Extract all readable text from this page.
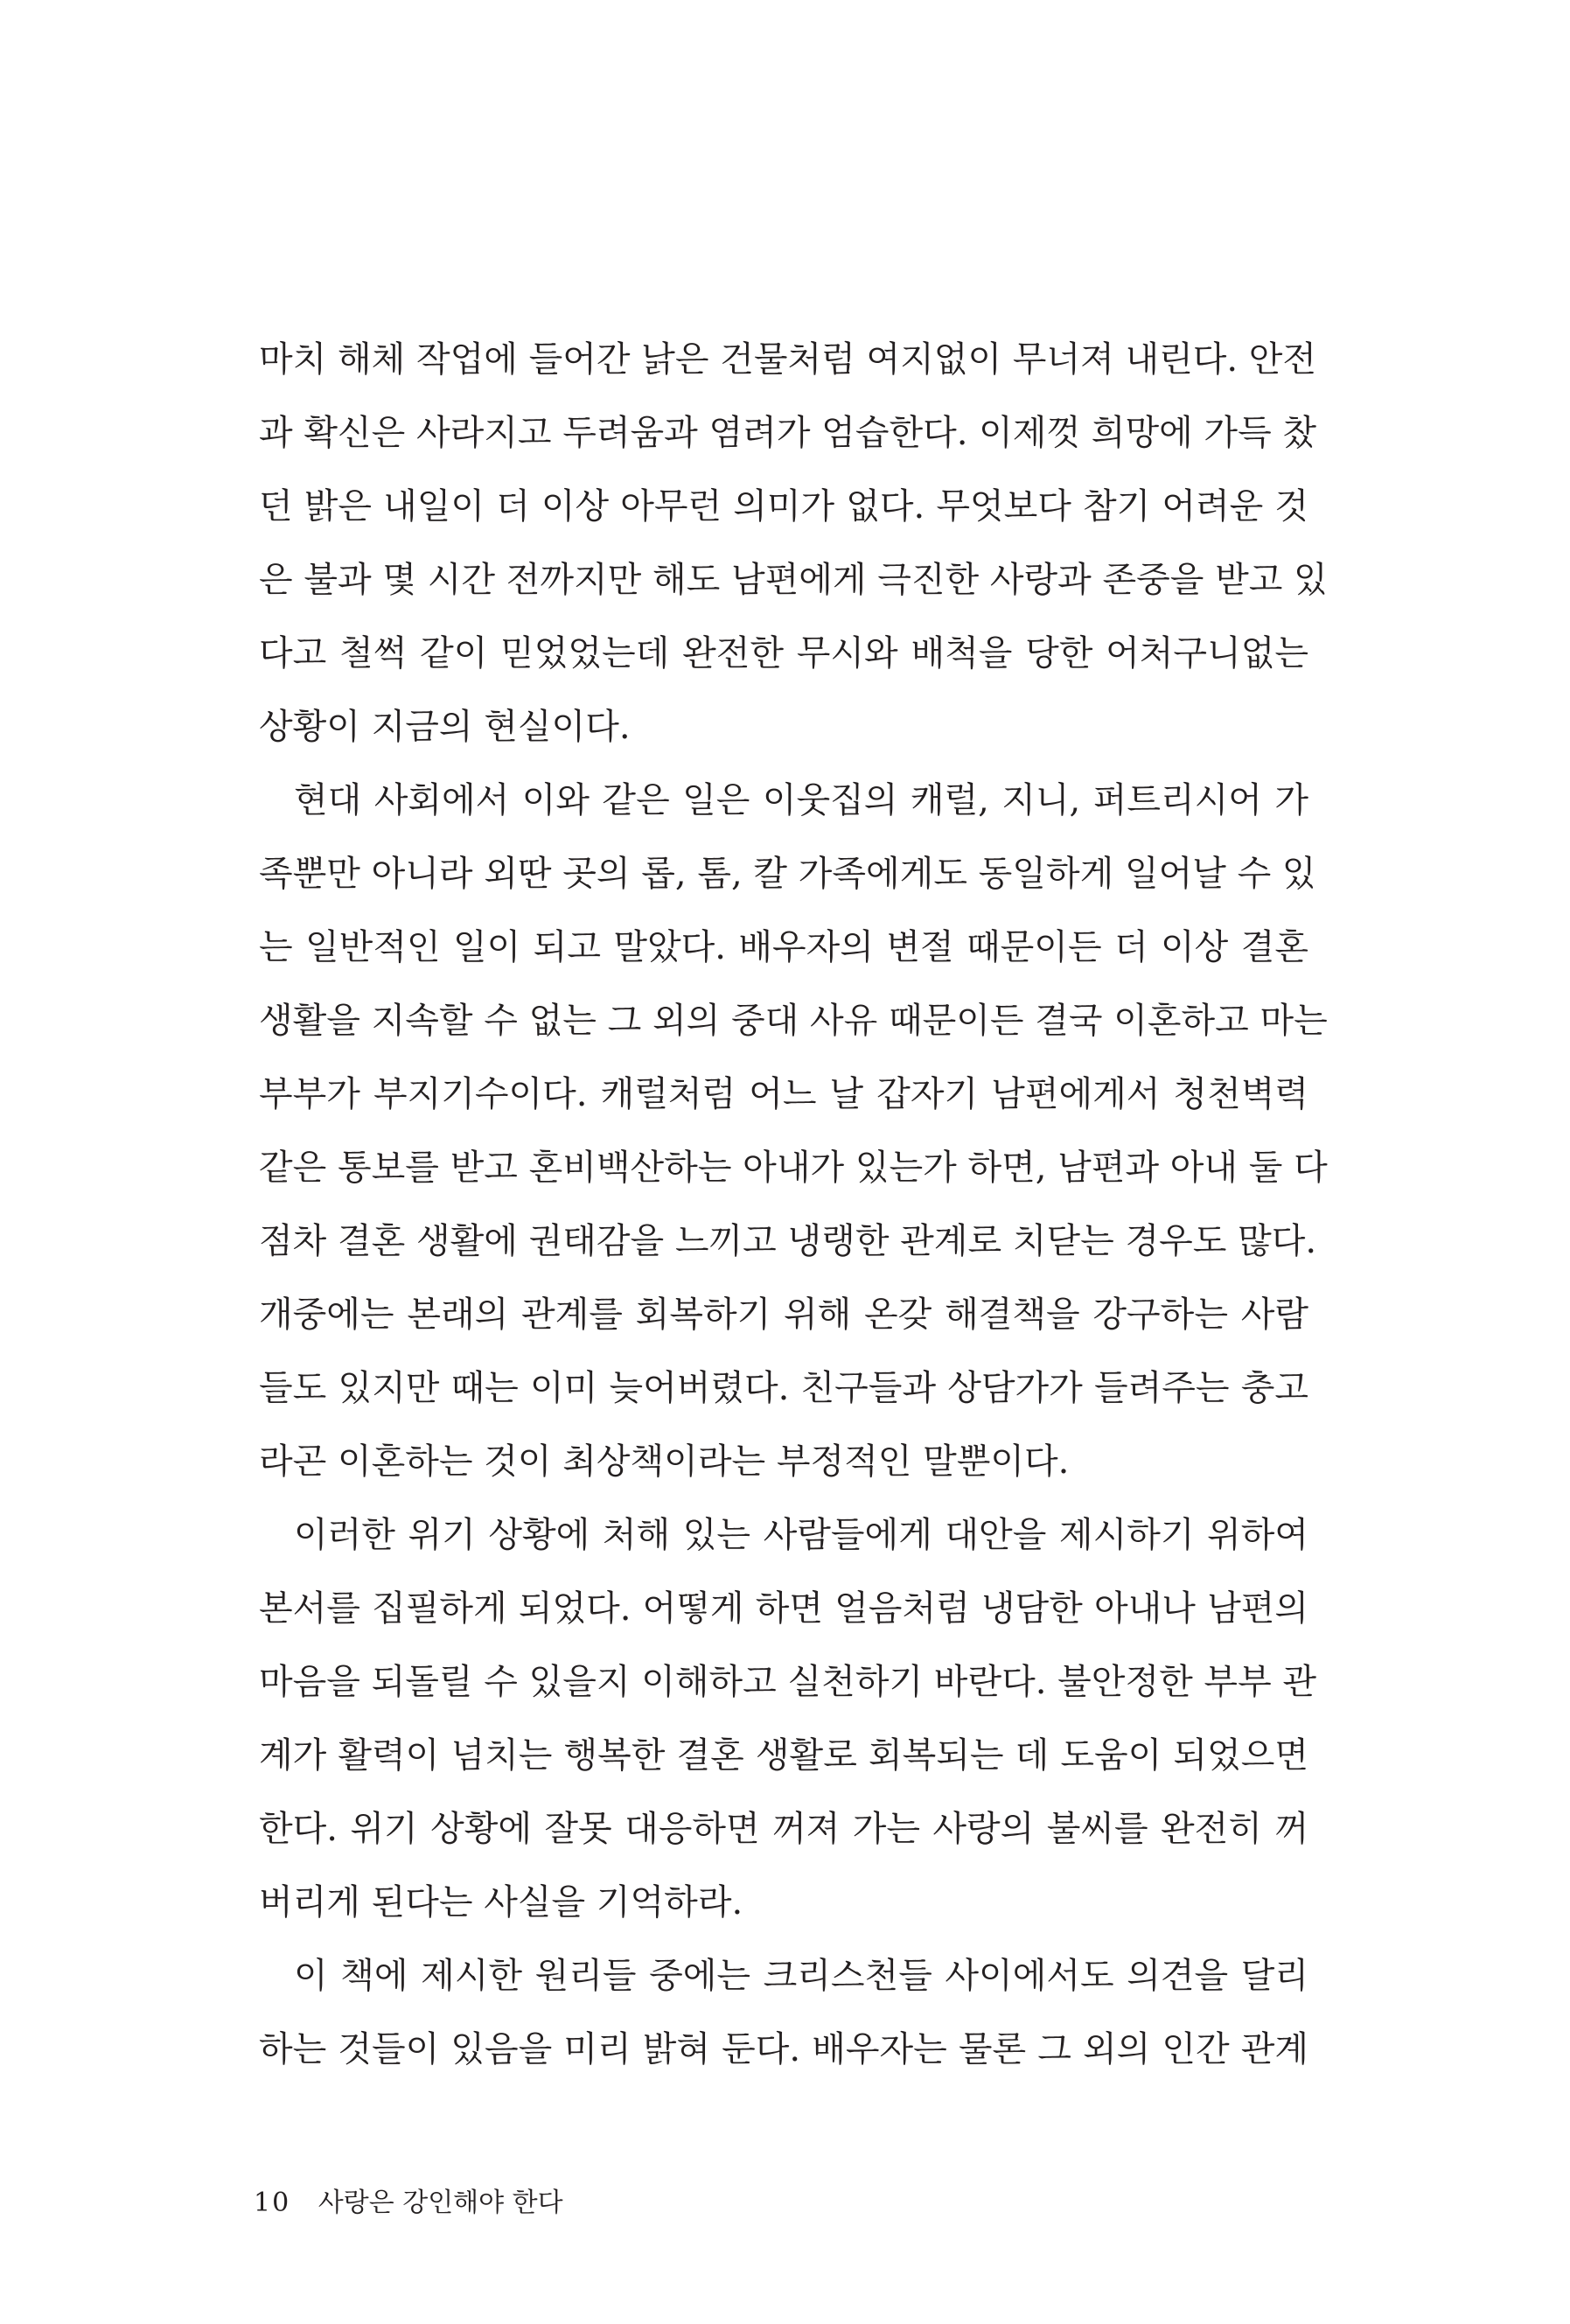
마치 해체 작업에 들어간 낡은 건물처럼 여지없이 무너져 내린다. 안전
과 확신은 사라지고 두려움과 염려가 엄습한다. 이제껏 희망에 가득 찼
던 밝은 내일이 더 이상 아무런 의미가 없다. 무엇보다 참기 어려운 것
은 불과 몇 시간 전까지만 해도 남편에게 극진한 사랑과 존중을 받고 있
다고 철썩 같이 믿었었는데 완전한 무시와 배척을 당한 어처구니없는
상황이 지금의 현실이다.
현대 사회에서 이와 같은 일은 이웃집의 캐럴, 지니, 퍼트리시어 가
족뿐만 아니라 외딴 곳의 롭, 톰, 칼 가족에게도 동일하게 일어날 수 있
는 일반적인 일이 되고 말았다. 배우자의 변절 때문이든 더 이상 결혼
생활을 지속할 수 없는 그 외의 중대 사유 때문이든 결국 이혼하고 마는
부부가 부지기수이다. 캐럴처럼 어느 날 갑자기 남편에게서 청천벽력
같은 통보를 받고 혼비백산하는 아내가 있는가 하면, 남편과 아내 둘 다
점차 결혼 생활에 권태감을 느끼고 냉랭한 관계로 치닫는 경우도 많다.
개중에는 본래의 관계를 회복하기 위해 온갖 해결책을 강구하는 사람
들도 있지만 때는 이미 늦어버렸다. 친구들과 상담가가 들려주는 충고
라곤 이혼하는 것이 최상책이라는 부정적인 말뿐이다.
이러한 위기 상황에 처해 있는 사람들에게 대안을 제시하기 위하여
본서를 집필하게 되었다. 어떻게 하면 얼음처럼 냉담한 아내나 남편의
마음을 되돌릴 수 있을지 이해하고 실천하기 바란다. 불안정한 부부 관
계가 활력이 넘치는 행복한 결혼 생활로 회복되는 데 도움이 되었으면
한다. 위기 상황에 잘못 대응하면 꺼져 가는 사랑의 불씨를 완전히 꺼
버리게 된다는 사실을 기억하라.
이 책에 제시한 원리들 중에는 크리스천들 사이에서도 의견을 달리
하는 것들이 있음을 미리 밝혀 둔다. 배우자는 물론 그 외의 인간 관계
10 사랑은 강인해야 한다
